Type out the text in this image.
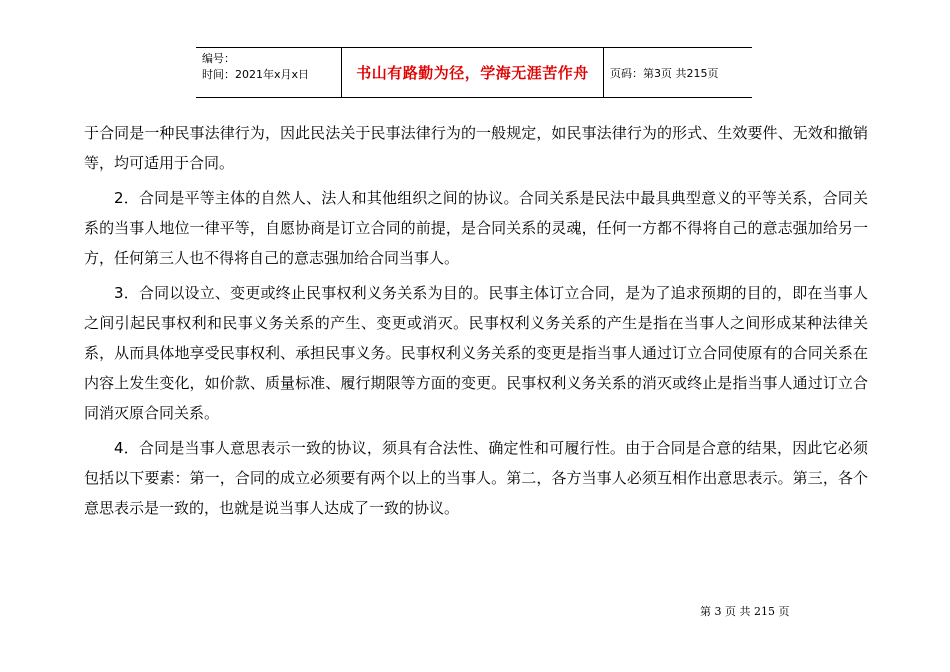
编号：
时间：2021年x月x日	书山有路勤为径，学海无涯苦作舟 页码：第3页 共215页

于合同是一种民事法律行为，因此民法关于民事法律行为的一般规定，如民事法律行为的形式、生效要件、无效和撤销等，均可适用于合同。

2．合同是平等主体的自然人、法人和其他组织之间的协议。合同关系是民法中最具典型意义的平等关系，合同关系的当事人地位一律平等，自愿协商是订立合同的前提，是合同关系的灵魂，任何一方都不得将自己的意志强加给另一方，任何第三人也不得将自己的意志强加给合同当事人。

3．合同以设立、变更或终止民事权利义务关系为目的。民事主体订立合同，是为了追求预期的目的，即在当事人之间引起民事权利和民事义务关系的产生、变更或消灭。民事权利义务关系的产生是指在当事人之间形成某种法律关系，从而具体地享受民事权利、承担民事义务。民事权利义务关系的变更是指当事人通过订立合同使原有的合同关系在内容上发生变化，如价款、质量标准、履行期限等方面的变更。民事权利义务关系的消灭或终止是指当事人通过订立合同消灭原合同关系。

4．合同是当事人意思表示一致的协议，须具有合法性、确定性和可履行性。由于合同是合意的结果，因此它必须包括以下要素：第一，合同的成立必须要有两个以上的当事人。第二，各方当事人必须互相作出意思表示。第三，各个意思表示是一致的，也就是说当事人达成了一致的协议。

第 3 页 共 215 页
